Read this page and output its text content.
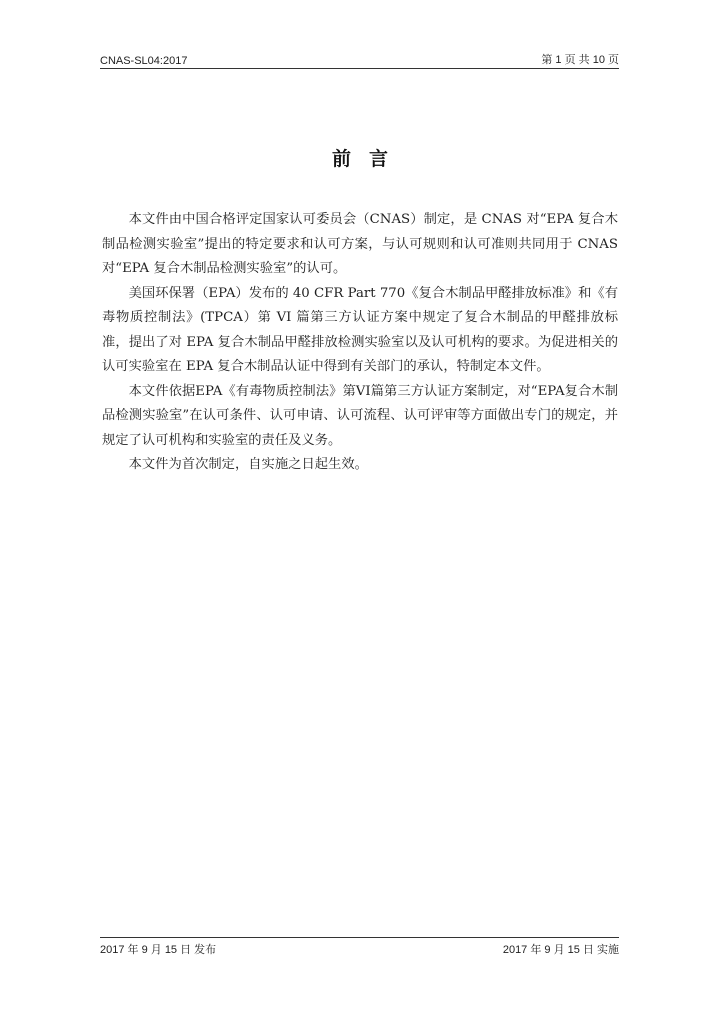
CNAS-SL04:2017	第 1 页 共 10 页
前言

本文件由中国合格评定国家认可委员会（CNAS）制定，是 CNAS 对“EPA 复合木制品检测实验室”提出的特定要求和认可方案，与认可规则和认可准则共同用于 CNAS 对“EPA 复合木制品检测实验室”的认可。

美国环保署（EPA）发布的 40 CFR Part 770《复合木制品甲醛排放标准》和《有毒物质控制法》(TPCA）第 VI 篇第三方认证方案中规定了复合木制品的甲醛排放标准，提出了对 EPA 复合木制品甲醛排放检测实验室以及认可机构的要求。为促进相关的认可实验室在 EPA 复合木制品认证中得到有关部门的承认，特制定本文件。

本文件依据EPA《有毒物质控制法》第VI篇第三方认证方案制定，对“EPA复合木制品检测实验室”在认可条件、认可申请、认可流程、认可评审等方面做出专门的规定，并规定了认可机构和实验室的责任及义务。

本文件为首次制定，自实施之日起生效。

2017 年 9 月 15 日 发布	2017 年 9 月 15 日 实施
